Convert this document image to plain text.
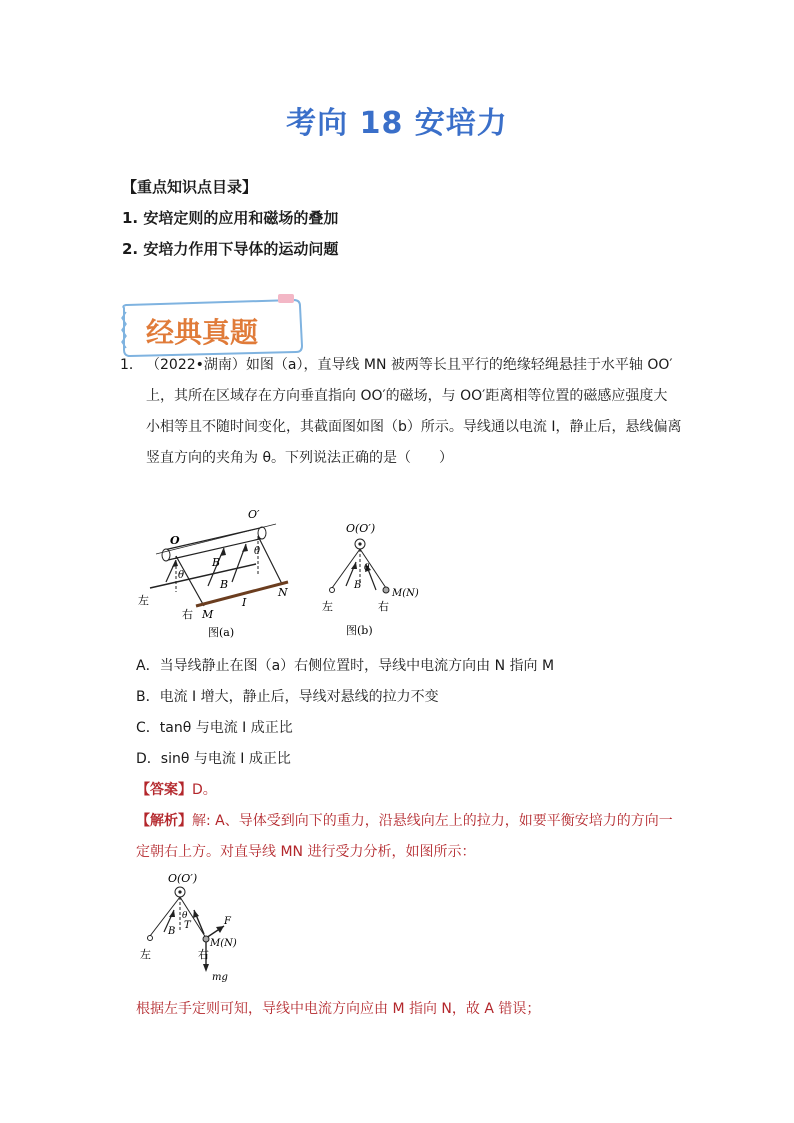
考向 18 安培力
【重点知识点目录】
1. 安培定则的应用和磁场的叠加
2. 安培力作用下导体的运动问题
经典真题
1． （2022•湖南）如图（a），直导线 MN 被两等长且平行的绝缘轻绳悬挂于水平轴 OO′
上，其所在区域存在方向垂直指向 OO′的磁场，与 OO′距离相等位置的磁感应强度大
小相等且不随时间变化，其截面图如图（b）所示。导线通以电流 I，静止后，悬线偏离
竖直方向的夹角为 θ。下列说法正确的是（　　）
O
O′
θ
θ
B
B
I
M
N
左
右
图(a)
O(O′)
B
θ
M(N)
左	右
图(b)
A．当导线静止在图（a）右侧位置时，导线中电流方向由 N 指向 M
B．电流 I 增大，静止后，导线对悬线的拉力不变
C．tanθ 与电流 I 成正比
D．sinθ 与电流 I 成正比
【答案】D。
【解析】解: A、导体受到向下的重力，沿悬线向左上的拉力，如要平衡安培力的方向一
定朝右上方。对直导线 MN 进行受力分析，如图所示：
O(O′)
θ
T
B
F
M(N)
mg
左	右
根据左手定则可知，导线中电流方向应由 M 指向 N，故 A 错误；
